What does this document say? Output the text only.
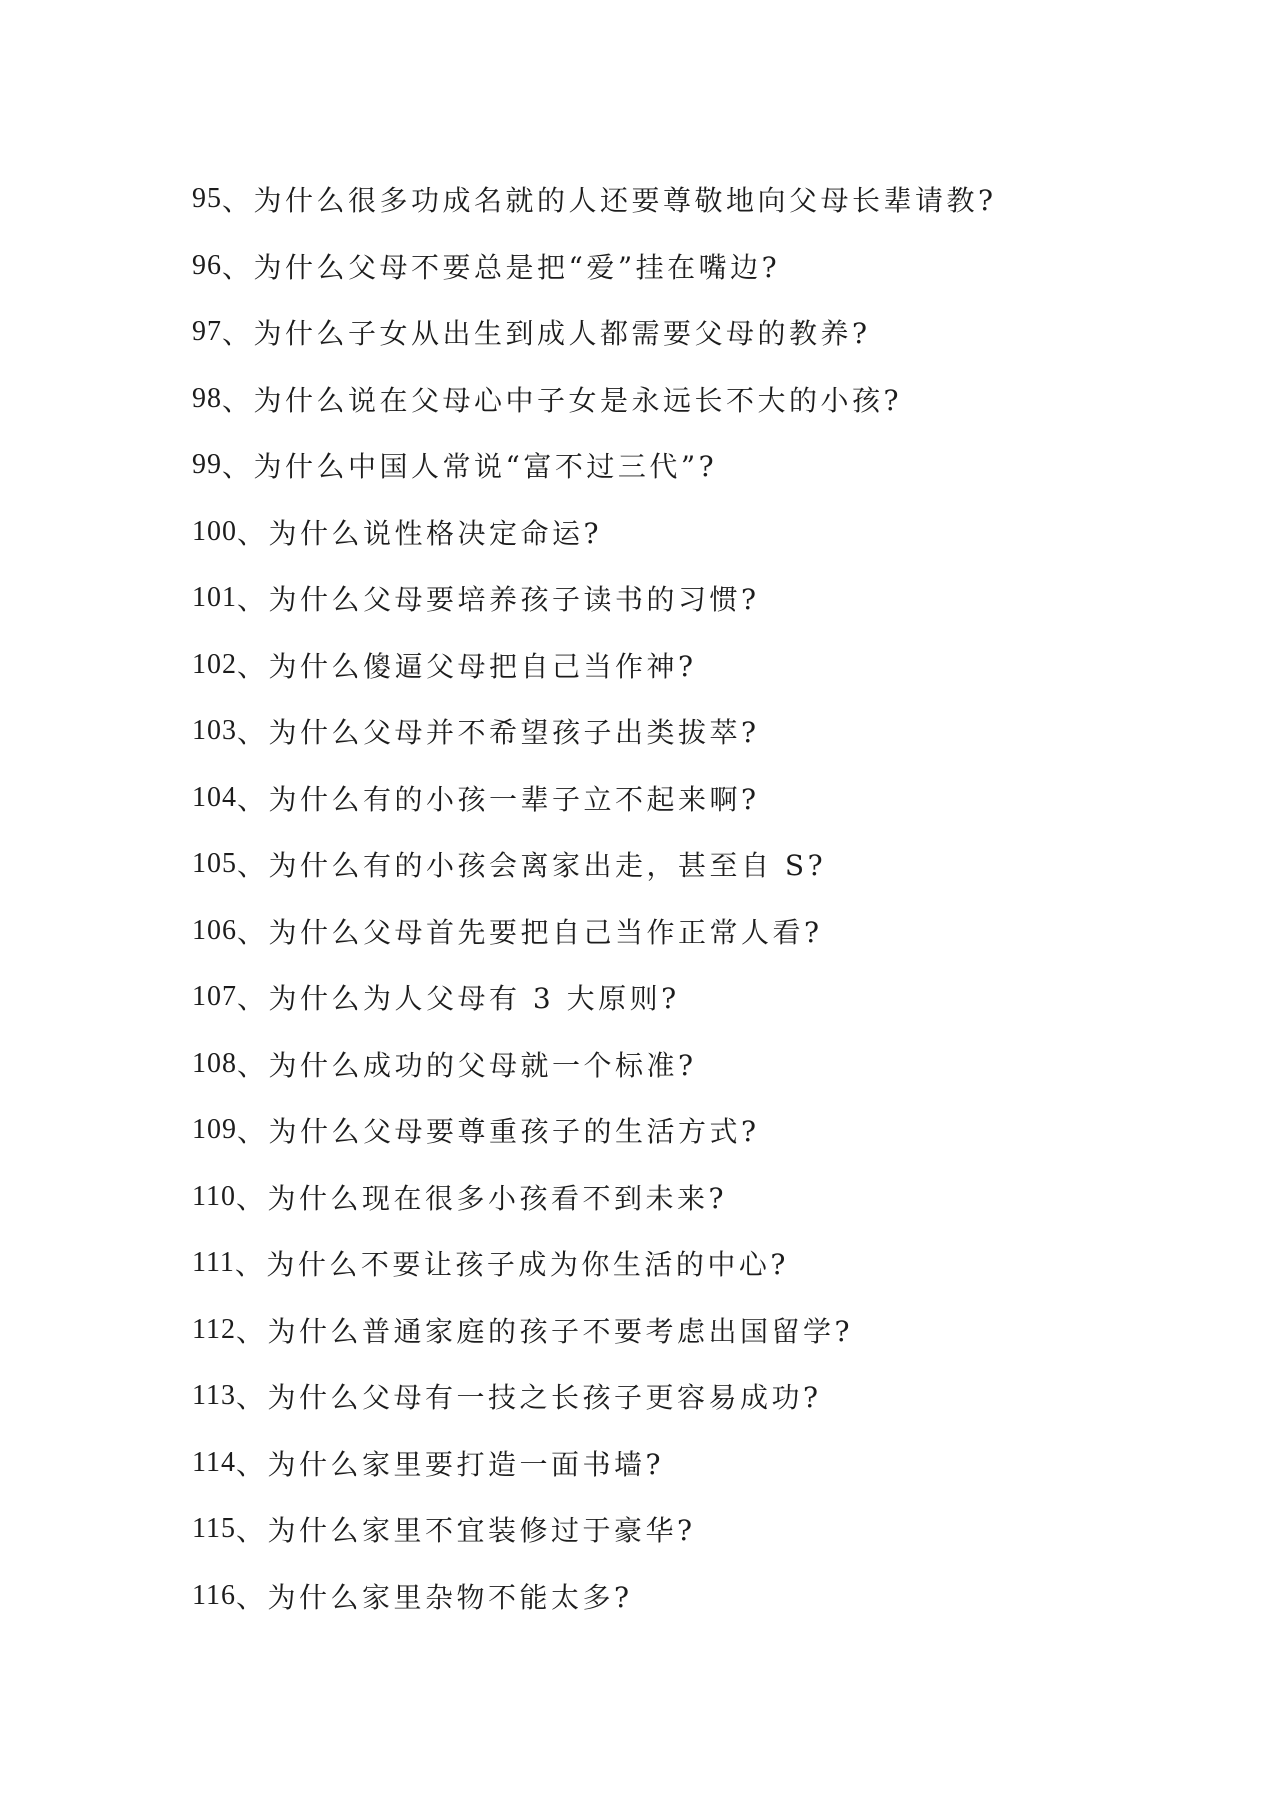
95 、为什么很多功成名就的人还要尊敬地向父母长辈请教?
96 、为什么父母不要总是把“爱”挂在嘴边?
97 、为什么子女从出生到成人都需要父母的教养?
98 、为什么说在父母心中子女是永远长不大的小孩?
99 、为什么中国人常说“富不过三代”?
100 、为什么说性格决定命运?
101 、为什么父母要培养孩子读书的习惯?
102 、为什么傻逼父母把自己当作神?
103 、为什么父母并不希望孩子出类拔萃?
104 、为什么有的小孩一辈子立不起来啊?
105 、为什么有的小孩会离家出走，甚至自 S?
106 、为什么父母首先要把自己当作正常人看?
107 、为什么为人父母有 3 大原则?
108 、为什么成功的父母就一个标准?
109 、为什么父母要尊重孩子的生活方式?
110 、为什么现在很多小孩看不到未来?
111 、为什么不要让孩子成为你生活的中心?
112 、为什么普通家庭的孩子不要考虑出国留学?
113 、为什么父母有一技之长孩子更容易成功?
114 、为什么家里要打造一面书墙?
115 、为什么家里不宜装修过于豪华?
116 、为什么家里杂物不能太多?
